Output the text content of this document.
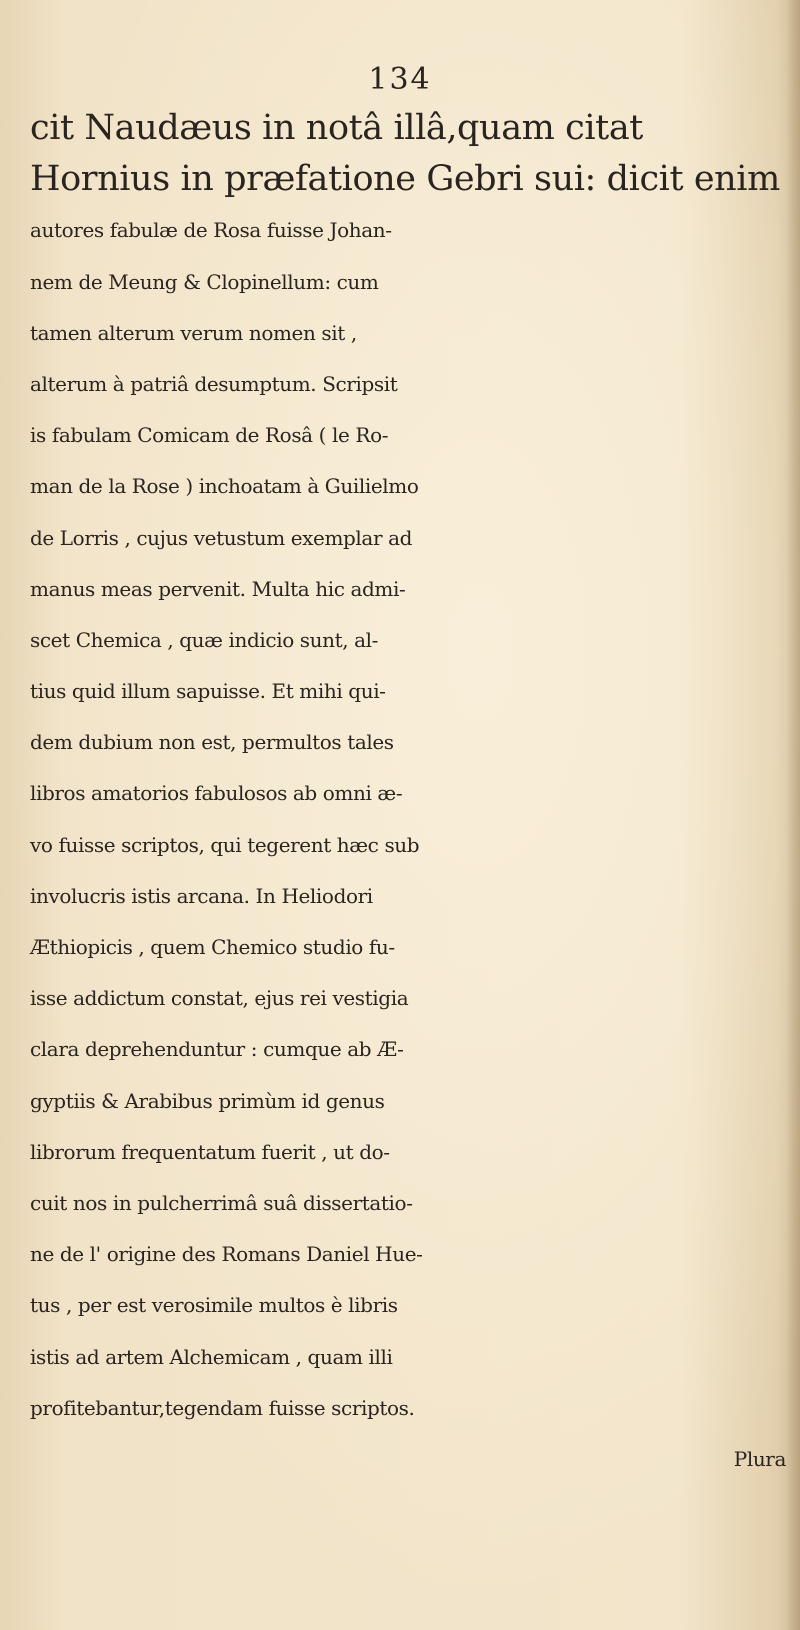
134
cit Naudæus in notâ illâ,quam citat Hornius in præfatione Gebri sui: dicit enim
autores fabulæ de Rosa fuisse Johan-
nem de Meung & Clopinellum: cum
tamen alterum verum nomen sit ,
alterum à patriâ desumptum. Scripsit
is fabulam Comicam de Rosâ ( le Ro-
man de la Rose ) inchoatam à Guilielmo
de Lorris , cujus vetustum exemplar ad
manus meas pervenit. Multa hic admi-
scet Chemica , quæ indicio sunt, al-
tius quid illum sapuisse. Et mihi qui-
dem dubium non est, permultos tales
libros amatorios fabulosos ab omni æ-
vo fuisse scriptos, qui tegerent hæc sub
involucris istis arcana. In Heliodori
Æthiopicis , quem Chemico studio fu-
isse addictum constat, ejus rei vestigia
clara deprehenduntur : cumque ab Æ-
gyptiis & Arabibus primùm id genus
librorum frequentatum fuerit , ut do-
cuit nos in pulcherrimâ suâ dissertatio-
ne de l' origine des Romans Daniel Hue-
tus , per est verosimile multos è libris
istis ad artem Alchemicam , quam illi
profitebantur,tegendam fuisse scriptos.
Plura
